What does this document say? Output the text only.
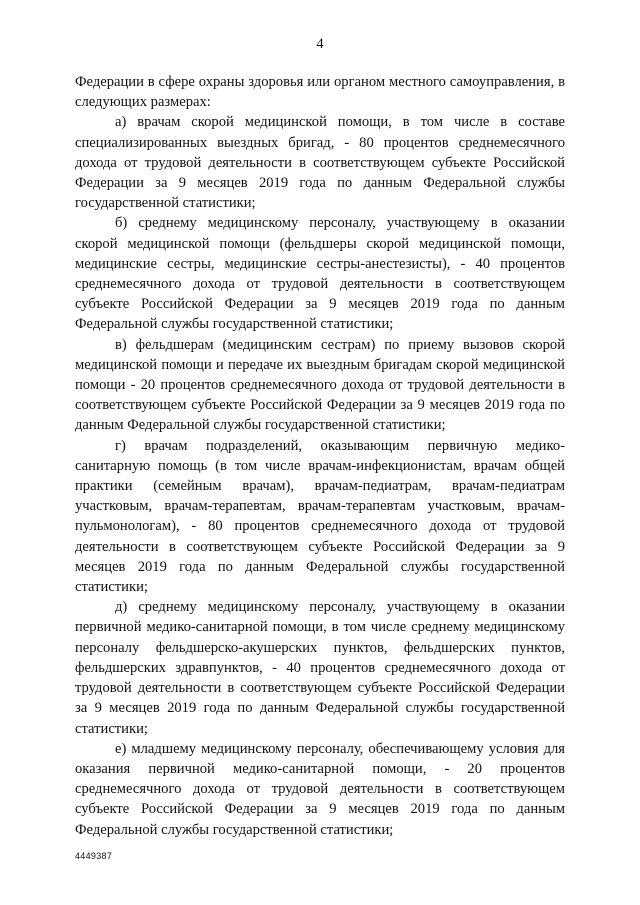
4

Федерации в сфере охраны здоровья или органом местного самоуправления, в следующих размерах:

а) врачам скорой медицинской помощи, в том числе в составе специализированных выездных бригад, - 80 процентов среднемесячного дохода от трудовой деятельности в соответствующем субъекте Российской Федерации за 9 месяцев 2019 года по данным Федеральной службы государственной статистики;

б) среднему медицинскому персоналу, участвующему в оказании скорой медицинской помощи (фельдшеры скорой медицинской помощи, медицинские сестры, медицинские сестры-анестезисты), - 40 процентов среднемесячного дохода от трудовой деятельности в соответствующем субъекте Российской Федерации за 9 месяцев 2019 года по данным Федеральной службы государственной статистики;

в) фельдшерам (медицинским сестрам) по приему вызовов скорой медицинской помощи и передаче их выездным бригадам скорой медицинской помощи - 20 процентов среднемесячного дохода от трудовой деятельности в соответствующем субъекте Российской Федерации за 9 месяцев 2019 года по данным Федеральной службы государственной статистики;

г) врачам подразделений, оказывающим первичную медико-санитарную помощь (в том числе врачам-инфекционистам, врачам общей практики (семейным врачам), врачам-педиатрам, врачам-педиатрам участковым, врачам-терапевтам, врачам-терапевтам участковым, врачам-пульмонологам), - 80 процентов среднемесячного дохода от трудовой деятельности в соответствующем субъекте Российской Федерации за 9 месяцев 2019 года по данным Федеральной службы государственной статистики;

д) среднему медицинскому персоналу, участвующему в оказании первичной медико-санитарной помощи, в том числе среднему медицинскому персоналу фельдшерско-акушерских пунктов, фельдшерских пунктов, фельдшерских здравпунктов, - 40 процентов среднемесячного дохода от трудовой деятельности в соответствующем субъекте Российской Федерации за 9 месяцев 2019 года по данным Федеральной службы государственной статистики;

е) младшему медицинскому персоналу, обеспечивающему условия для оказания первичной медико-санитарной помощи, - 20 процентов среднемесячного дохода от трудовой деятельности в соответствующем субъекте Российской Федерации за 9 месяцев 2019 года по данным Федеральной службы государственной статистики;

4449387
